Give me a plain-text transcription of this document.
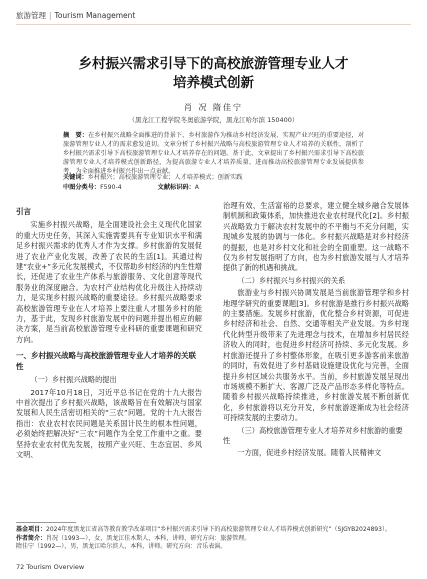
旅游管理 | Tourism Management
乡村振兴需求引导下的高校旅游管理专业人才
培养模式创新
肖 况 隋佳宁
（黑龙江工程学院冬奥旅游学院，黑龙江哈尔滨 150400）
摘　要：在乡村振兴战略全面推进的背景下，乡村旅游作为推动乡村经济发展、实现产业兴旺的重要途径，对旅游管理专业人才的需求愈发迫切。文章分析了乡村振兴战略与高校旅游管理专业人才培养的关联性，剖析了乡村振兴需求引导下高校旅游管理专业人才培养存在的问题。基于此，文章提出了乡村振兴需求引导下高校旅游管理专业人才培养模式创新路径，为提高旅游专业人才培养质量、进而推动高校旅游管理专业发展提供参考，为全面推进乡村振兴作出一点贡献。
关键词：乡村振兴；高校旅游管理专业；人才培养模式；创新实践
中图分类号：F590-4	文献标识码：A
引言

实施乡村振兴战略，是全面建设社会主义现代化国家的重大历史任务，其深入实施需要具有专业知识水平和满足乡村振兴需求的优秀人才作为支撑。乡村旅游的发展促进了农业产业化发展，改善了农民的生活[1]。其通过构建“农业+”多元化发展模式，不仅帮助乡村经济的内生性增长，还促进了农业生产体系与旅游服务、文化创意等现代服务业的深度融合。为农村产业结构优化升级注入持续动力，是实现乡村振兴战略的重要途径。乡村振兴战略要求高校旅游管理专业在人才培养上要注重人才服务乡村的能力，基于此，发现乡村旅游发展中的问题并提出相应的解决方案，是当前高校旅游管理专业科研的重要课题和研究方向。

一、乡村振兴战略与高校旅游管理专业人才培养的关联性
（一）乡村振兴战略的提出

2017年10月18日，习近平总书记在党的十九大报告中首次提出了乡村振兴战略，该战略旨在有效解决与国家发展和人民生活密切相关的“三农”问题。党的十九大报告指出：农业农村农民问题是关系国计民生的根本性问题，必须始终把解决好“三农”问题作为全党工作重中之重。要坚持农业农村优先发展，按照产业兴旺、生态宜居、乡风文明、

治理有效、生活富裕的总要求，建立健全城乡融合发展体制机制和政策体系，加快推进农业农村现代化[2]。乡村振兴战略致力于解决农村发展中的不平衡与不充分问题，实现城乡发展的协调与一体化。乡村振兴战略是对乡村经济的提振，也是对乡村文化和社会的全面重塑。这一战略不仅为乡村发展指明了方向，也为乡村旅游发展与人才培养提供了新的机遇和挑战。

（二）乡村振兴与乡村振兴的关系

旅游业与乡村振兴协调发展是当前旅游管理学和乡村地理学研究的重要课题[3]。乡村旅游是推行乡村振兴战略的主要措施。发展乡村旅游，优化整合乡村资源，可促进乡村经济和社会、自然、交通等相关产业发展。为乡村现代化转型升级带来了先进理念与技术，在增加乡村居民经济收入的同时，也促进乡村经济可持续、多元化发展。乡村旅游还提升了乡村整体形象，在吸引更多游客前来旅游的同时，有效促进了乡村基础设施建设优化与完善，全面提升乡村区域公共服务水平。当前，乡村旅游发展呈现出市场规模不断扩大、客源广泛及产品形态多样化等特点。随着乡村振兴战略持续推进，乡村旅游发展不断创新优化，乡村旅游将以充分开发，乡村旅游逐渐成为社会经济可持续发展的主要动力。

（三）高校旅游管理专业人才培养对乡村旅游的重要性

一方面，促进乡村经济发展。随着人民精神文

基金项目：2024年度黑龙江省高等教育教学改革项目“乡村振兴需求引导下的高校旅游管理专业人才培养模式创新研究”（SJGYB2024893）。
作者简介：肖况（1993—），女，黑龙江佳木斯人，本科，讲师，研究方向：旅游管理。
隋佳宁（1992—），男，黑龙江哈尔滨人，本科，讲师。研究方向：音乐表演。
72 Tourism Overview
